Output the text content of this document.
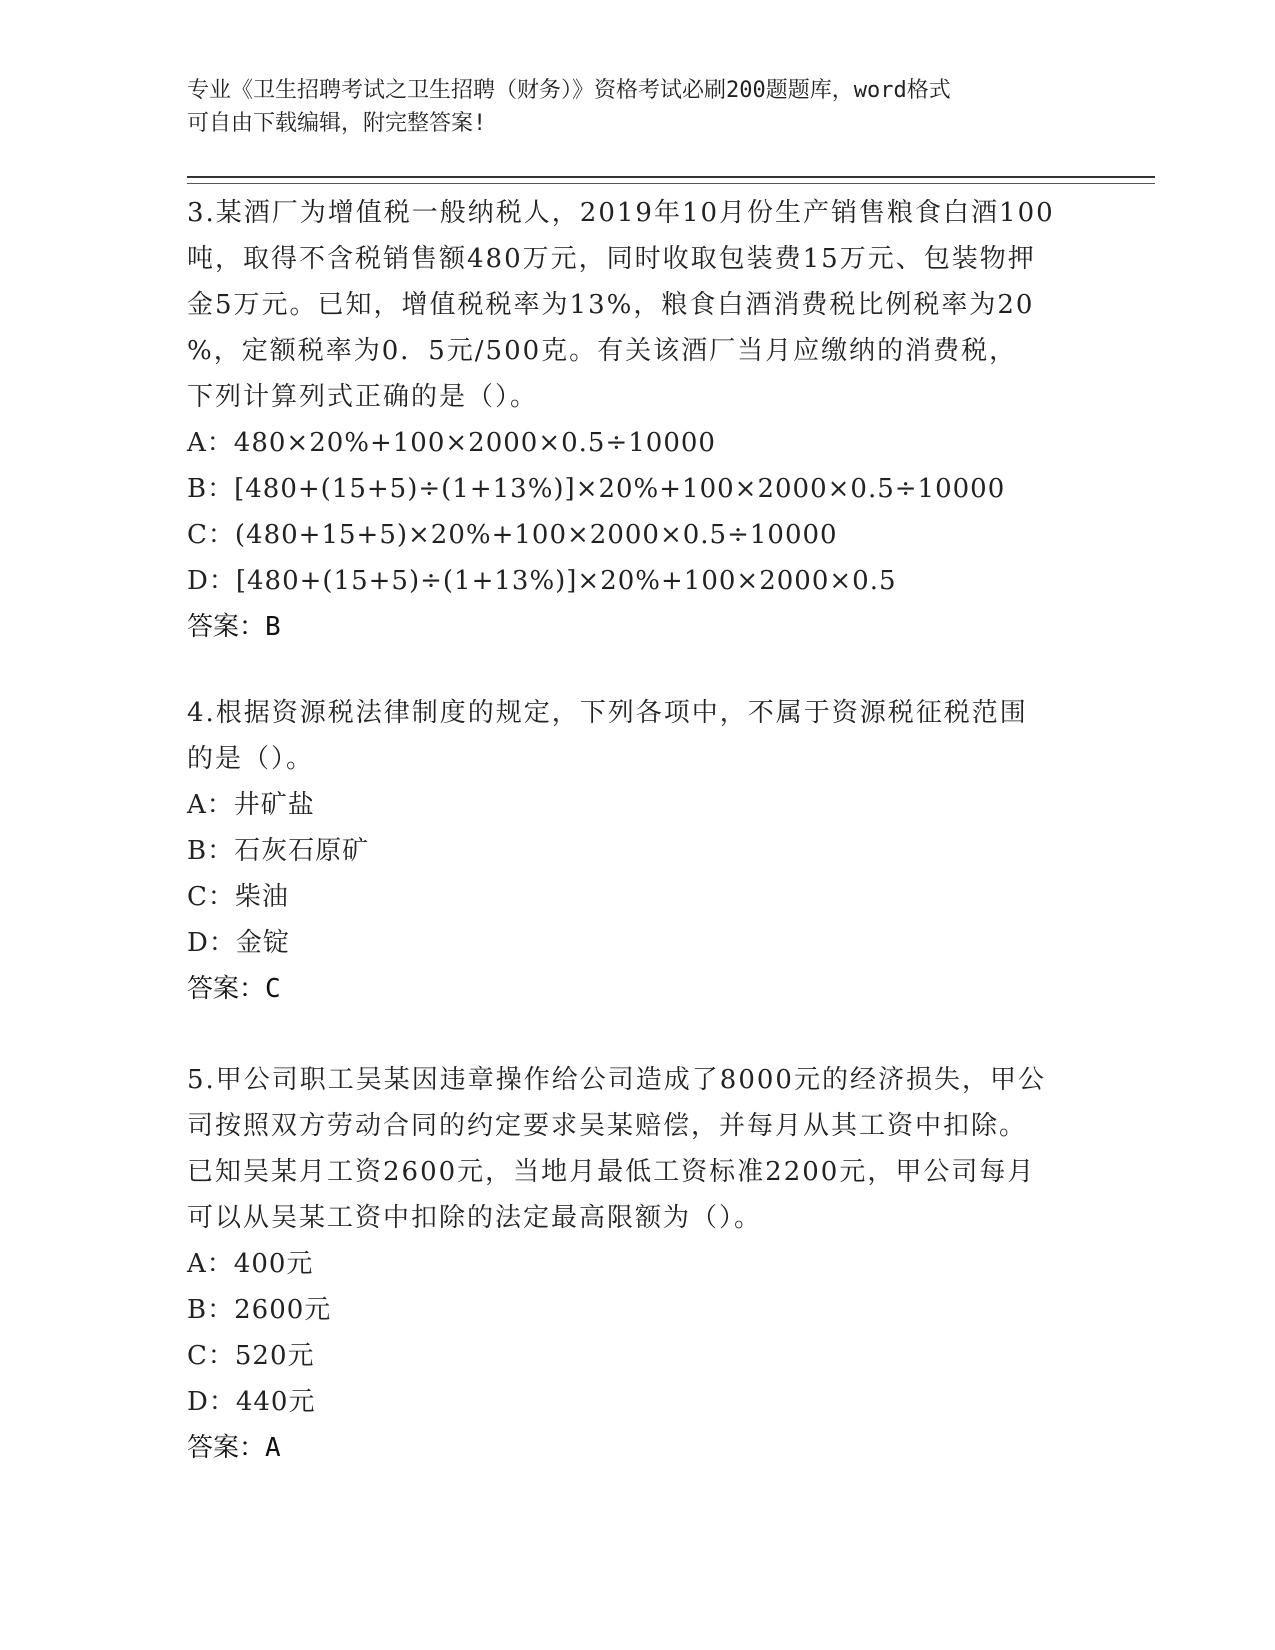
专业《卫生招聘考试之卫生招聘（财务）》资格考试必刷200题题库，word格式
可自由下载编辑，附完整答案!
3.某酒厂为增值税一般纳税人，2019年10月份生产销售粮食白酒100
吨，取得不含税销售额480万元，同时收取包装费15万元、包装物押
金5万元。已知，增值税税率为13%，粮食白酒消费税比例税率为20
%，定额税率为0．5元/500克。有关该酒厂当月应缴纳的消费税，
下列计算列式正确的是（）。
A：480×20%+100×2000×0.5÷10000
B：[480+(15+5)÷(1+13%)]×20%+100×2000×0.5÷10000
C：(480+15+5)×20%+100×2000×0.5÷10000
D：[480+(15+5)÷(1+13%)]×20%+100×2000×0.5
答案：B
4.根据资源税法律制度的规定，下列各项中，不属于资源税征税范围
的是（）。
A：井矿盐
B：石灰石原矿
C：柴油
D：金锭
答案：C
5.甲公司职工吴某因违章操作给公司造成了8000元的经济损失，甲公
司按照双方劳动合同的约定要求吴某赔偿，并每月从其工资中扣除。
已知吴某月工资2600元，当地月最低工资标准2200元，甲公司每月
可以从吴某工资中扣除的法定最高限额为（）。
A：400元
B：2600元
C：520元
D：440元
答案：A
